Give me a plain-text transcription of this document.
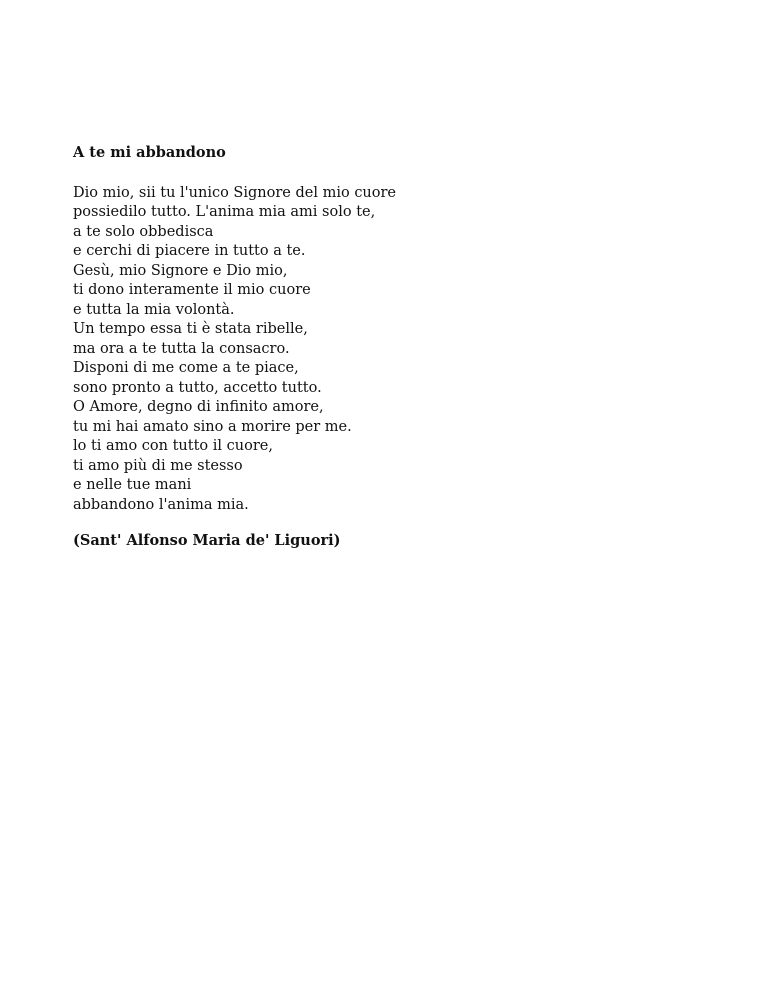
A te mi abbandono
Dio mio, sii tu l'unico Signore del mio cuore
possiedilo tutto. L'anima mia ami solo te,
a te solo obbedisca
e cerchi di piacere in tutto a te.
Gesù, mio Signore e Dio mio,
ti dono interamente il mio cuore
e tutta la mia volontà.
Un tempo essa ti è stata ribelle,
ma ora a te tutta la consacro.
Disponi di me come a te piace,
sono pronto a tutto, accetto tutto.
O Amore, degno di infinito amore,
tu mi hai amato sino a morire per me.
lo ti amo con tutto il cuore,
ti amo più di me stesso
e nelle tue mani
abbandono l'anima mia.
(Sant' Alfonso Maria de' Liguori)
